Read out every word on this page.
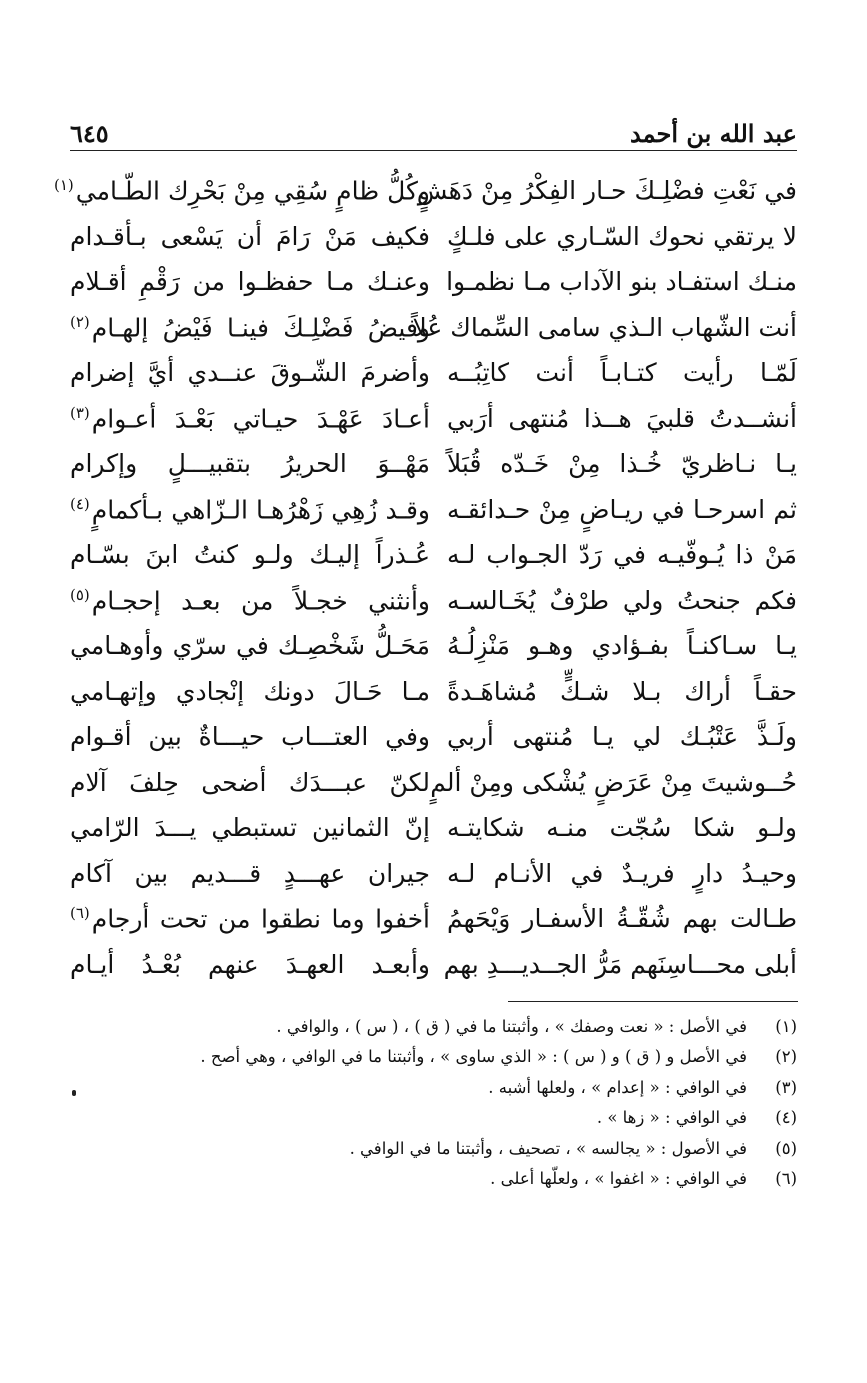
عبد الله بن أحمد
٦٤٥
في نَعْتِ فضْلِـكَ حـار الفِكْرُ مِنْ دَهَشٍ
وكُلُّ ظامٍ سُقِي مِنْ بَحْرِك الطّـامي$^{(١)}$
لا يرتقي نحوك السّـاري على فلـكٍ
فكيف مَنْ رَامَ أن يَسْعى بـأقـدام
منـك استفـاد بنو الآداب مـا نظمـوا
وعنـك مـا حفظـوا من رَقْمِ أقـلام
أنت الشّهاب الـذي سامى السِّماك عُلاً
وفيضُ فَضْلِـكَ فينـا فَيْضُ إلهـام$^{(٢)}$
لَمّـا رأيت كتـابـاً أنت كاتِبُــه
وأضرمَ الشّـوقَ عنــدي أيَّ إضرام
أنشــدتُ قلبيَ هــذا مُنتهى أرَبي
أعـادَ عَهْـدَ حيـاتي بَعْـدَ أعـوام$^{(٣)}$
يـا نـاظريّ خُـذا مِنْ خَـدّه قُبَلاً
مَهْــوَ الحريرُ بتقبيـــلٍ وإكرام
ثم اسرحـا في ريـاضٍ مِنْ حـدائقـه
وقـد زُهِي زَهْرُهـا الـزّاهي بـأكمامٍ$^{(٤)}$
مَنْ ذا يُـوفّيـه في رَدّ الجـواب لـه
عُـذراً إليـك ولـو كنتُ ابنَ بسّـام
فكم جنحتُ ولي طرْفٌ يُخَـالسـه
وأنثني خجـلاً من بعـد إحجـام$^{(٥)}$
يـا سـاكنـاً بفـؤادي وهـو مَنْزِلُـهُ
مَحَـلُّ شَخْصِـك في سرّي وأوهـامي
حقـاً أراك بـلا شـكٍّ مُشاهَـدةً
مـا حَـالَ دونك إنْجادي وإتهـامي
ولَـذَّ عَتْبُـك لي يـا مُنتهى أربي
وفي العتـــاب حيـــاةٌ بين أقـوام
حُــوشيتَ مِنْ عَرَضٍ يُشْكى ومِنْ ألمٍ
لكنّ عبـــدَك أضحى حِلفَ آلام
ولـو شكا سُجّت منـه شكايتـه
إنّ الثمانين تستبطي يـــدَ الرّامي
وحيـدُ دارٍ فريـدٌ في الأنـام لـه
جيران عهـــدٍ قـــديم بين آكام
طـالت بهم شُقّـةُ الأسفـار وَيْحَهمُ
أخفوا وما نطقوا من تحت أرجام$^{(٦)}$
أبلى محـــاسِنَهم مَرُّ الجــديـــدِ بهم
وأبعـد العهـدَ عنهم بُعْـدُ أيـام
(١)
في الأصل : « نعت وصفك » ، وأثبتنا ما في ( ق ) ، ( س ) ، والوافي .
(٢)
في الأصل و ( ق ) و ( س ) : « الذي ساوى » ، وأثبتنا ما في الوافي ، وهي أصح .
(٣)
في الوافي : « إعدام » ، ولعلها أشبه .
(٤)
في الوافي : « زها » .
(٥)
في الأصول : « يجالسه » ، تصحيف ، وأثبتنا ما في الوافي .
(٦)
في الوافي : « اغفوا » ، ولعلّها أعلى .
